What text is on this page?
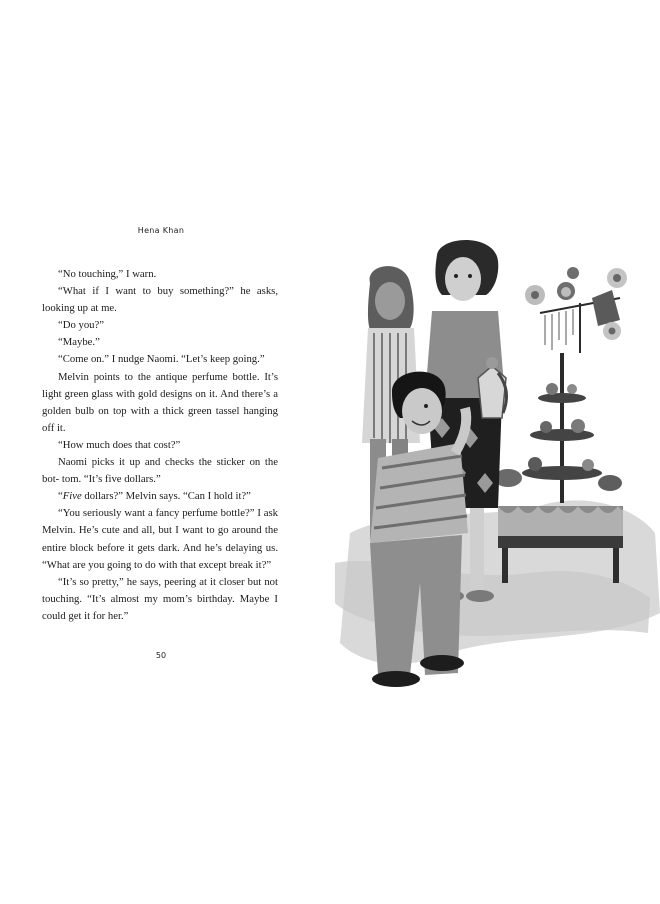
Hena Khan

“No touching,” I warn.

“What if I want to buy something?” he asks, looking up at me.

“Do you?”

“Maybe.”

“Come on.” I nudge Naomi. “Let’s keep going.”

Melvin points to the antique perfume bottle. It’s light green glass with gold designs on it. And there’s a golden bulb on top with a thick green tassel hanging off it.

“How much does that cost?”

Naomi picks it up and checks the sticker on the bot- tom. “It’s five dollars.”

“Five dollars?” Melvin says. “Can I hold it?”

“You seriously want a fancy perfume bottle?” I ask Melvin. He’s cute and all, but I want to go around the entire block before it gets dark. And he’s delaying us. “What are you going to do with that except break it?”

“It’s so pretty,” he says, peering at it closer but not touching. “It’s almost my mom’s birthday. Maybe I could get it for her.”

50
